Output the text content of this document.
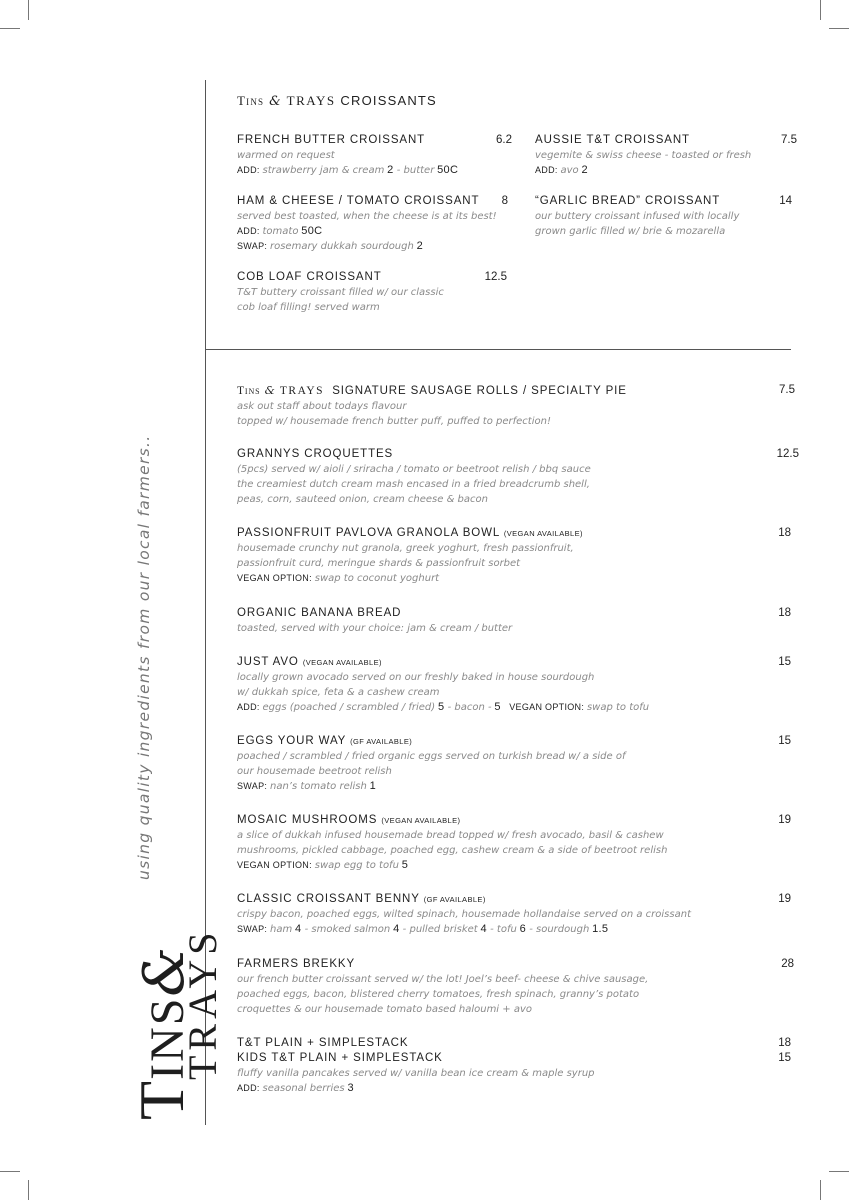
TINS&
TRAYS
using quality ingredients from our local farmers..
Tins & TRAYS CROISSANTS
FRENCH BUTTER CROISSANT	6.2
warmed on request
ADD: strawberry jam & cream 2 - butter 50C
AUSSIE T&T CROISSANT	7.5
vegemite & swiss cheese - toasted or fresh
ADD: avo 2
HAM & CHEESE / TOMATO CROISSANT	8
served best toasted, when the cheese is at its best!
ADD: tomato 50C
SWAP: rosemary dukkah sourdough 2
“GARLIC BREAD” CROISSANT	14
our buttery croissant infused with locally
grown garlic filled w/ brie & mozarella
COB LOAF CROISSANT	12.5
T&T buttery croissant filled w/ our classic
cob loaf filling! served warm
Tins & TRAYS SIGNATURE SAUSAGE ROLLS / SPECIALTY PIE	7.5
ask out staff about todays flavour
topped w/ housemade french butter puff, puffed to perfection!
GRANNYS CROQUETTES	12.5
(5pcs) served w/ aioli / sriracha / tomato or beetroot relish / bbq sauce
the creamiest dutch cream mash encased in a fried breadcrumb shell,
peas, corn, sauteed onion, cream cheese & bacon
PASSIONFRUIT PAVLOVA GRANOLA BOWL (VEGAN AVAILABLE)	18
housemade crunchy nut granola, greek yoghurt, fresh passionfruit,
passionfruit curd, meringue shards & passionfruit sorbet
VEGAN OPTION: swap to coconut yoghurt
ORGANIC BANANA BREAD	18
toasted, served with your choice: jam & cream / butter
JUST AVO (VEGAN AVAILABLE)	15
locally grown avocado served on our freshly baked in house sourdough
w/ dukkah spice, feta & a cashew cream
ADD: eggs (poached / scrambled / fried) 5 - bacon - 5 VEGAN OPTION: swap to tofu
EGGS YOUR WAY (GF AVAILABLE)	15
poached / scrambled / fried organic eggs served on turkish bread w/ a side of
our housemade beetroot relish
SWAP: nan’s tomato relish 1
MOSAIC MUSHROOMS (VEGAN AVAILABLE)	19
a slice of dukkah infused housemade bread topped w/ fresh avocado, basil & cashew
mushrooms, pickled cabbage, poached egg, cashew cream & a side of beetroot relish
VEGAN OPTION: swap egg to tofu 5
CLASSIC CROISSANT BENNY (GF AVAILABLE)	19
crispy bacon, poached eggs, wilted spinach, housemade hollandaise served on a croissant
SWAP: ham 4 - smoked salmon 4 - pulled brisket 4 - tofu 6 - sourdough 1.5
FARMERS BREKKY	28
our french butter croissant served w/ the lot! Joel’s beef- cheese & chive sausage,
poached eggs, bacon, blistered cherry tomatoes, fresh spinach, granny’s potato
croquettes & our housemade tomato based haloumi + avo
T&T PLAIN + SIMPLESTACK	18
KIDS T&T PLAIN + SIMPLESTACK	15
fluffy vanilla pancakes served w/ vanilla bean ice cream & maple syrup
ADD: seasonal berries 3
